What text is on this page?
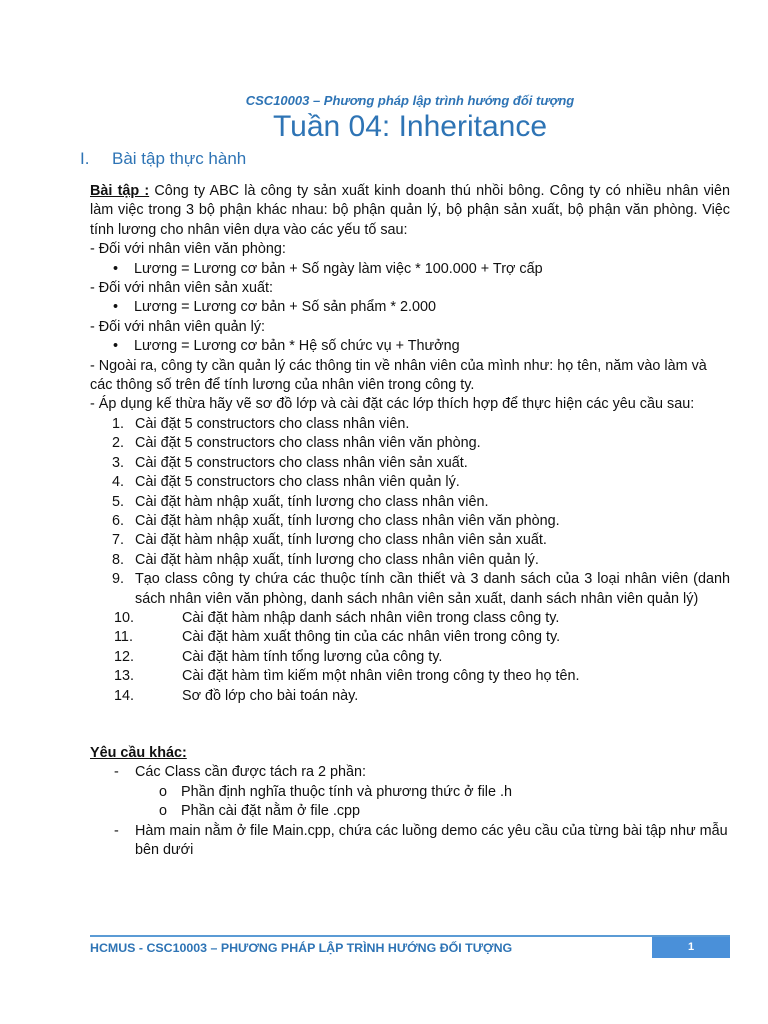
CSC10003 – Phương pháp lập trình hướng đối tượng
Tuần 04: Inheritance
I. Bài tập thực hành

Bài tập : Công ty ABC là công ty sản xuất kinh doanh thú nhồi bông. Công ty có nhiều nhân viên làm việc trong 3 bộ phận khác nhau: bộ phận quản lý, bộ phận sản xuất, bộ phận văn phòng. Việc tính lương cho nhân viên dựa vào các yếu tố sau:

- Đối với nhân viên văn phòng:

• Lương = Lương cơ bản + Số ngày làm việc * 100.000 + Trợ cấp

- Đối với nhân viên sản xuất:

• Lương = Lương cơ bản + Số sản phẩm * 2.000

- Đối với nhân viên quản lý:

• Lương = Lương cơ bản * Hệ số chức vụ + Thưởng

- Ngoài ra, công ty cần quản lý các thông tin về nhân viên của mình như: họ tên, năm vào làm và

các thông số trên để tính lương của nhân viên trong công ty.

- Áp dụng kế thừa hãy vẽ sơ đồ lớp và cài đặt các lớp thích hợp để thực hiện các yêu cầu sau:

1. Cài đặt 5 constructors cho class nhân viên.
2. Cài đặt 5 constructors cho class nhân viên văn phòng.
3. Cài đặt 5 constructors cho class nhân viên sản xuất.
4. Cài đặt 5 constructors cho class nhân viên quản lý.
5. Cài đặt hàm nhập xuất, tính lương cho class nhân viên.
6. Cài đặt hàm nhập xuất, tính lương cho class nhân viên văn phòng.
7. Cài đặt hàm nhập xuất, tính lương cho class nhân viên sản xuất.
8. Cài đặt hàm nhập xuất, tính lương cho class nhân viên quản lý.
9. Tạo class công ty chứa các thuộc tính cần thiết và 3 danh sách của 3 loại nhân viên (danh sách nhân viên văn phòng, danh sách nhân viên sản xuất, danh sách nhân viên quản lý)
10.	Cài đặt hàm nhập danh sách nhân viên trong class công ty.
11.	Cài đặt hàm xuất thông tin của các nhân viên trong công ty.
12.	Cài đặt hàm tính tổng lương của công ty.
13.	Cài đặt hàm tìm kiếm một nhân viên trong công ty theo họ tên.
14.	Sơ đồ lớp cho bài toán này.

Yêu cầu khác:

- Các Class cần được tách ra 2 phần:

o Phần định nghĩa thuộc tính và phương thức ở file .h

o Phần cài đặt nằm ở file .cpp

- Hàm main nằm ở file Main.cpp, chứa các luồng demo các yêu cầu của từng bài tập như mẫu bên dưới

HCMUS - CSC10003 – PHƯƠNG PHÁP LẬP TRÌNH HƯỚNG ĐỐI TƯỢNG	1
